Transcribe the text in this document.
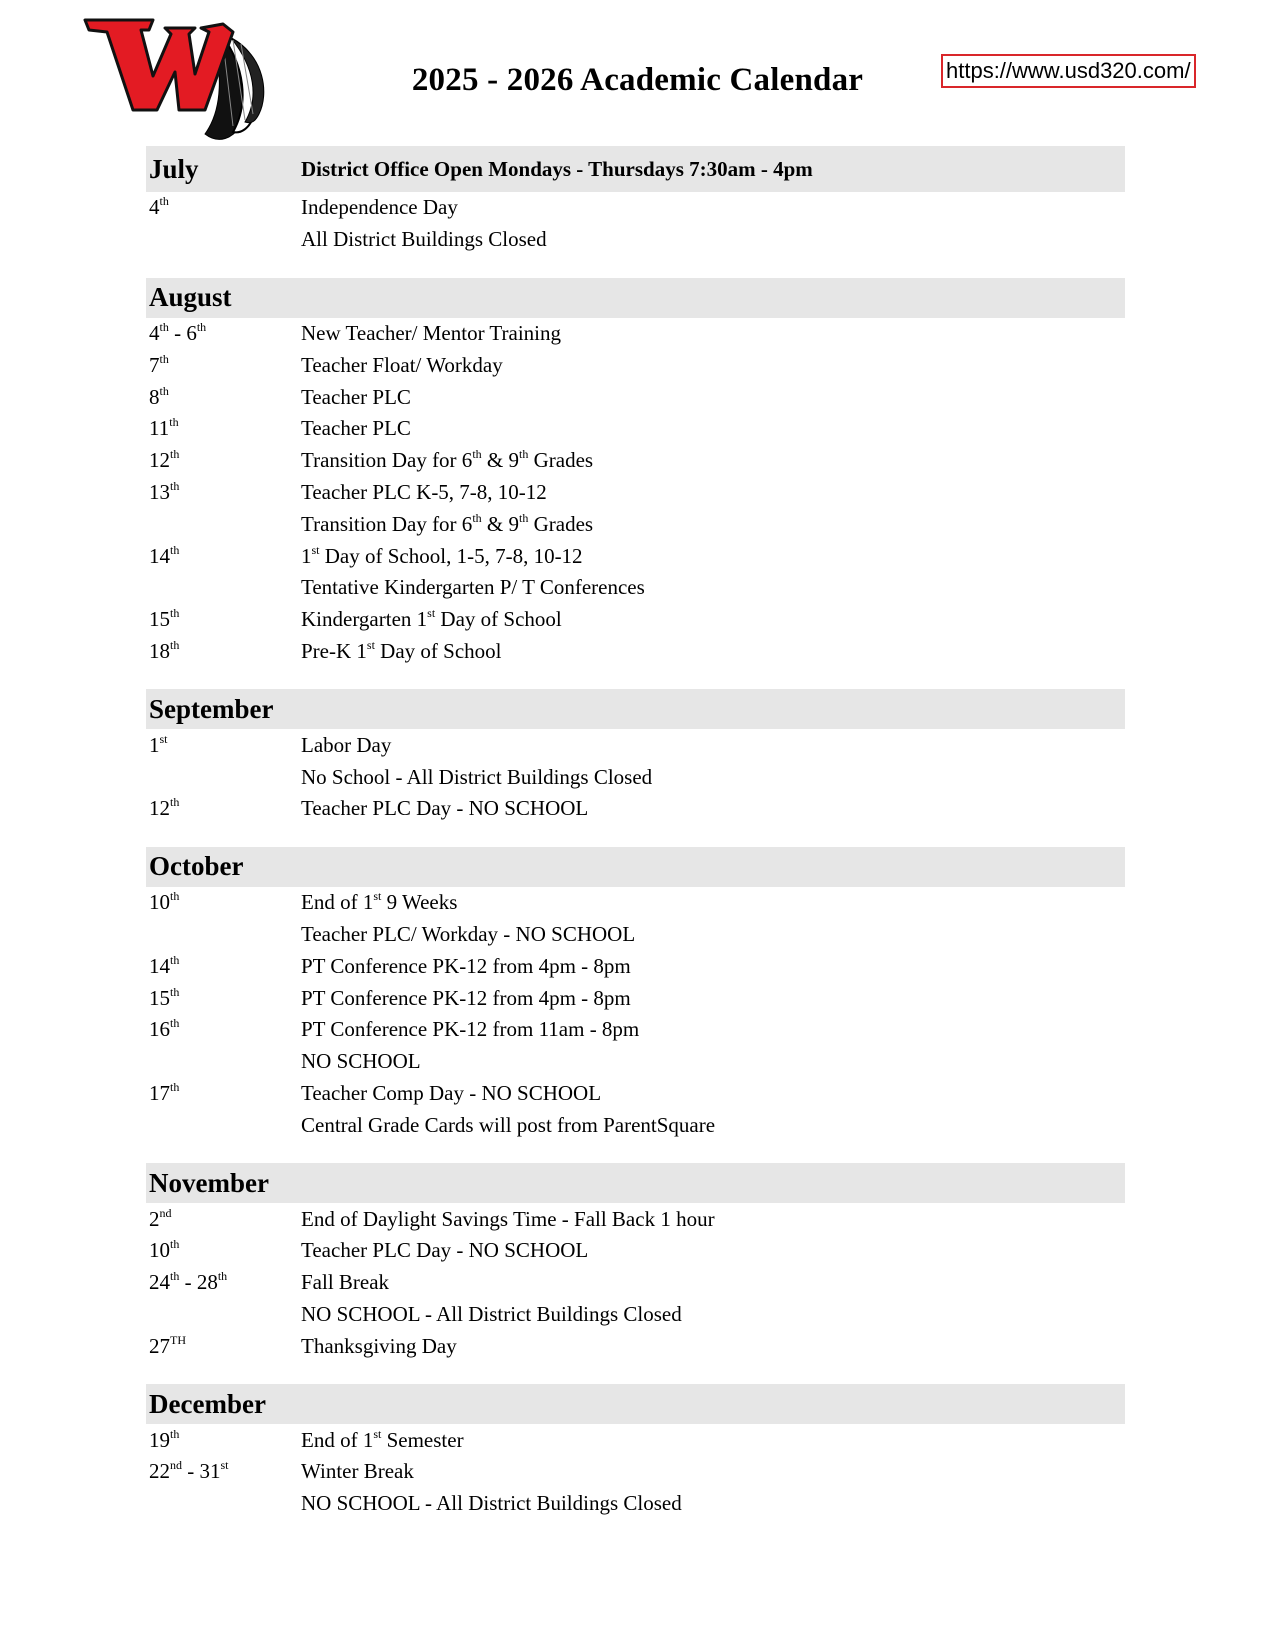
2025 - 2026 Academic Calendar	https://www.usd320.com/
July	District Office Open Mondays - Thursdays 7:30am - 4pm
4th	Independence Day
All District Buildings Closed
August
4th - 6th	New Teacher/ Mentor Training
7th	Teacher Float/ Workday
8th	Teacher PLC
11th	Teacher PLC
12th	Transition Day for 6th & 9th Grades
13th	Teacher PLC K-5, 7-8, 10-12
Transition Day for 6th & 9th Grades
14th	1st Day of School, 1-5, 7-8, 10-12
Tentative Kindergarten P/ T Conferences
15th	Kindergarten 1st Day of School
18th	Pre-K 1st Day of School
September
1st	Labor Day
No School - All District Buildings Closed
12th	Teacher PLC Day - NO SCHOOL
October
10th	End of 1st 9 Weeks
Teacher PLC/ Workday - NO SCHOOL
14th	PT Conference PK-12 from 4pm - 8pm
15th	PT Conference PK-12 from 4pm - 8pm
16th	PT Conference PK-12 from 11am - 8pm
NO SCHOOL
17th	Teacher Comp Day - NO SCHOOL
Central Grade Cards will post from ParentSquare
November
2nd	End of Daylight Savings Time - Fall Back 1 hour
10th	Teacher PLC Day - NO SCHOOL
24th - 28th	Fall Break
NO SCHOOL - All District Buildings Closed
27TH	Thanksgiving Day
December
19th	End of 1st Semester
22nd - 31st	Winter Break
NO SCHOOL - All District Buildings Closed
